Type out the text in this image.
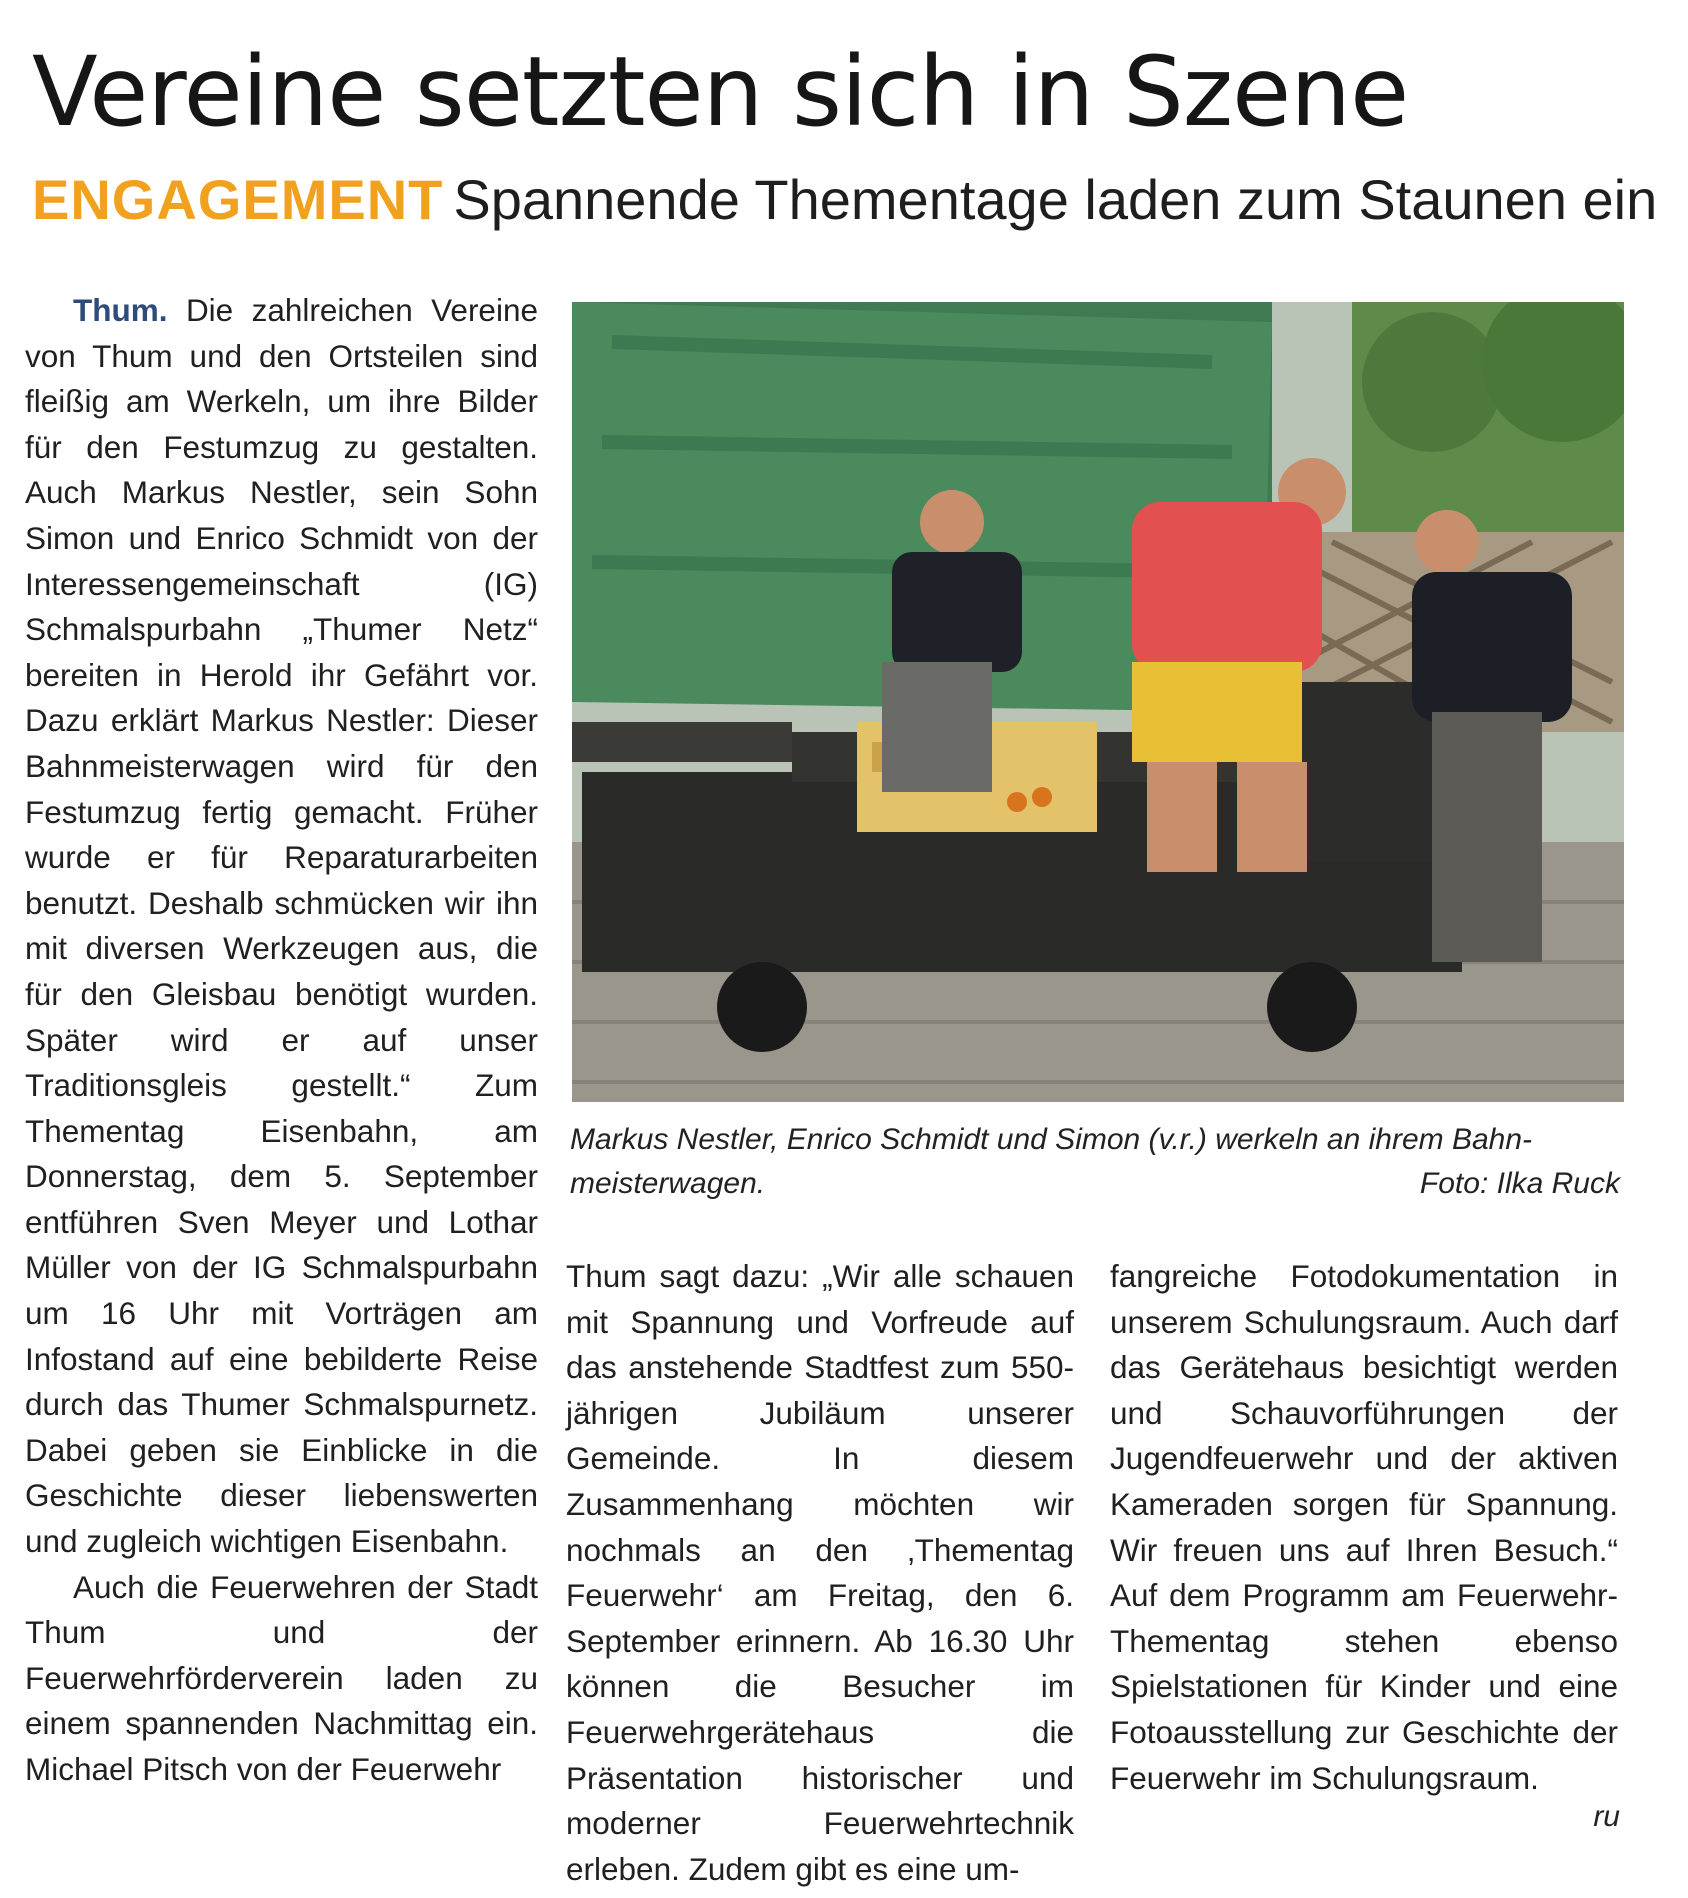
Vereine setzten sich in Szene
ENGAGEMENT Spannende Thementage laden zum Staunen ein

Thum. Die zahlreichen Vereine von Thum und den Ortsteilen sind fleißig am Werkeln, um ihre Bilder für den Festumzug zu gestalten. Auch Markus Nestler, sein Sohn Simon und Enrico Schmidt von der Interessengemeinschaft (IG) Schmalspurbahn „Thumer Netz“ bereiten in Herold ihr Gefährt vor. Dazu erklärt Markus Nestler: Dieser Bahnmeisterwagen wird für den Festumzug fertig gemacht. Früher wurde er für Reparaturarbeiten benutzt. Deshalb schmücken wir ihn mit diversen Werkzeugen aus, die für den Gleisbau benötigt wurden. Später wird er auf unser Traditionsgleis gestellt.“ Zum Thementag Eisenbahn, am Donnerstag, dem 5. September entführen Sven Meyer und Lothar Müller von der IG Schmalspurbahn um 16 Uhr mit Vorträgen am Infostand auf eine bebilderte Reise durch das Thumer Schmalspurnetz. Dabei geben sie Einblicke in die Geschichte dieser liebenswerten und zugleich wichtigen Eisenbahn.

Auch die Feuerwehren der Stadt Thum und der Feuerwehrförderverein laden zu einem spannenden Nachmittag ein. Michael Pitsch von der Feuerwehr

Markus Nestler, Enrico Schmidt und Simon (v.r.) werkeln an ihrem Bahn-
meisterwagen.	Foto: Ilka Ruck

Thum sagt dazu: „Wir alle schauen mit Spannung und Vorfreude auf das anstehende Stadtfest zum 550-jährigen Jubiläum unserer Gemeinde. In diesem Zusammenhang möchten wir nochmals an den ‚Thementag Feuerwehr‘ am Freitag, den 6. September erinnern. Ab 16.30 Uhr können die Besucher im Feuerwehrgerätehaus die Präsentation historischer und moderner Feuerwehrtechnik erleben. Zudem gibt es eine um-

fangreiche Fotodokumentation in unserem Schulungsraum. Auch darf das Gerätehaus besichtigt werden und Schauvorführungen der Jugendfeuerwehr und der aktiven Kameraden sorgen für Spannung. Wir freuen uns auf Ihren Besuch.“ Auf dem Programm am Feuerwehr-Thementag stehen ebenso Spielstationen für Kinder und eine Fotoausstellung zur Geschichte der Feuerwehr im Schulungsraum.

ru
